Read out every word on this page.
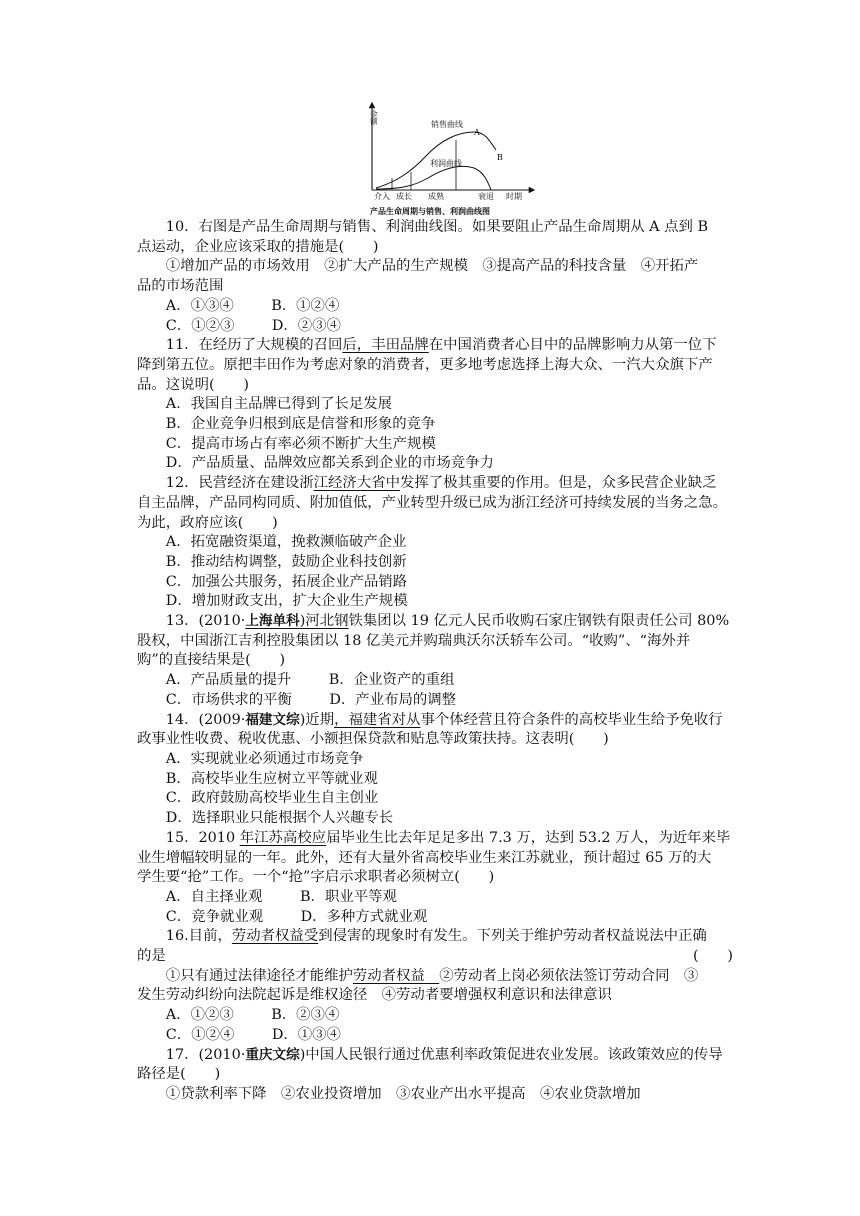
金额	销售曲线
利润曲线
A
B
介入 成长 成熟	衰退 时期
产品生命周期与销售、利润曲线图

10．右图是产品生命周期与销售、利润曲线图。如果要阻止产品生命周期从 A 点到 B

点运动，企业应该采取的措施是(　　)

①增加产品的市场效用　②扩大产品的生产规模　③提高产品的科技含量　④开拓产

品的市场范围

A．①③④	B．①②④

C．①②③	D．②③④

11．在经历了大规模的召回后，丰田品牌在中国消费者心目中的品牌影响力从第一位下

降到第五位。原把丰田作为考虑对象的消费者，更多地考虑选择上海大众、一汽大众旗下产

品。这说明(　　)

A．我国自主品牌已得到了长足发展

B．企业竞争归根到底是信誉和形象的竞争

C．提高市场占有率必须不断扩大生产规模

D．产品质量、品牌效应都关系到企业的市场竞争力

12．民营经济在建设浙江经济大省中发挥了极其重要的作用。但是，众多民营企业缺乏

自主品牌，产品同构同质、附加值低，产业转型升级已成为浙江经济可持续发展的当务之急。

为此，政府应该(　　)

A．拓宽融资渠道，挽救濒临破产企业

B．推动结构调整，鼓励企业科技创新

C．加强公共服务，拓展企业产品销路

D．增加财政支出，扩大企业生产规模

13．(2010·上海单科)河北钢铁集团以 19 亿元人民币收购石家庄钢铁有限责任公司 80%

股权，中国浙江吉利控股集团以 18 亿美元并购瑞典沃尔沃轿车公司。“收购”、“海外并

购”的直接结果是(　　)

A．产品质量的提升	B．企业资产的重组

C．市场供求的平衡	D．产业布局的调整

14．(2009·福建文综)近期，福建省对从事个体经营且符合条件的高校毕业生给予免收行

政事业性收费、税收优惠、小额担保贷款和贴息等政策扶持。这表明(　　)

A．实现就业必须通过市场竞争

B．高校毕业生应树立平等就业观

C．政府鼓励高校毕业生自主创业

D．选择职业只能根据个人兴趣专长

15．2010 年江苏高校应届毕业生比去年足足多出 7.3 万，达到 53.2 万人，为近年来毕

业生增幅较明显的一年。此外，还有大量外省高校毕业生来江苏就业，预计超过 65 万的大

学生要“抢”工作。一个“抢”字启示求职者必须树立(　　)

A．自主择业观	B．职业平等观

C．竞争就业观	D．多种方式就业观

16.目前，劳动者权益受到侵害的现象时有发生。下列关于维护劳动者权益说法中正确

的是	(　　)

①只有通过法律途径才能维护劳动者权益　②劳动者上岗必须依法签订劳动合同　③

发生劳动纠纷向法院起诉是维权途径　④劳动者要增强权利意识和法律意识

A．①②③	B．②③④

C．①②④	D．①③④

17．(2010·重庆文综)中国人民银行通过优惠利率政策促进农业发展。该政策效应的传导

路径是(　　)

①贷款利率下降　②农业投资增加　③农业产出水平提高　④农业贷款增加
